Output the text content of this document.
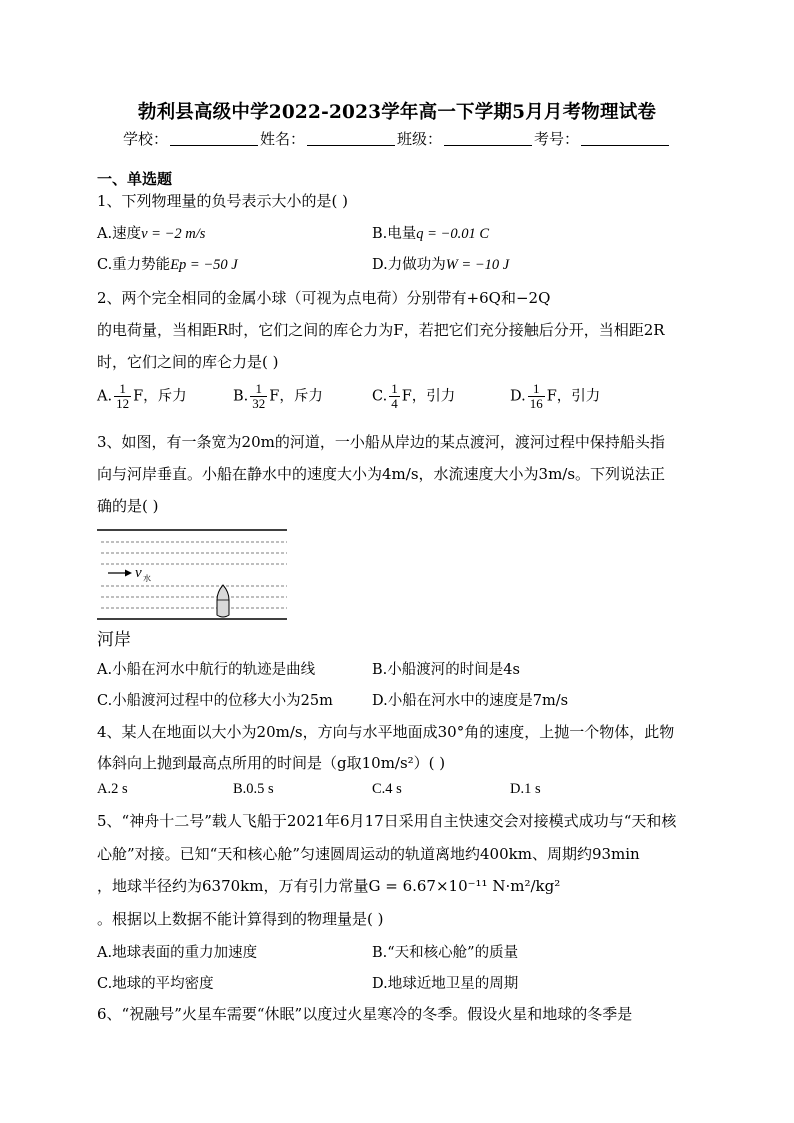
勃利县高级中学2022-2023学年高一下学期5月月考物理试卷
学校：	姓名：	班级：	考号：
一、单选题
1、下列物理量的负号表示大小的是( )
A.速度v = −2 m/s	B.电量q = −0.01 C
C.重力势能Ep = −50 J	D.力做功为W = −10 J
2、两个完全相同的金属小球（可视为点电荷）分别带有+6Q和−2Q
的电荷量，当相距R时，它们之间的库仑力为F，若把它们充分接触后分开，当相距2R
时，它们之间的库仑力是( )
A. $\frac{1}{12}$ F，斥力	B. $\frac{1}{32}$ F，斥力	C. $\frac{1}{4}$ F，引力	D. $\frac{1}{16}$ F，引力
3、如图，有一条宽为20m的河道，一小船从岸边的某点渡河，渡河过程中保持船头指
向与河岸垂直。小船在静水中的速度大小为4m/s，水流速度大小为3m/s。下列说法正
确的是( )
v 水
河岸
A.小船在河水中航行的轨迹是曲线	B.小船渡河的时间是4s
C.小船渡河过程中的位移大小为25m	D.小船在河水中的速度是7m/s
4、某人在地面以大小为20m/s，方向与水平地面成30°角的速度，上抛一个物体，此物
体斜向上抛到最高点所用的时间是（g取10m/s²）( )
A.2 s	B.0.5 s	C.4 s	D.1 s
5、“神舟十二号”载人飞船于2021年6月17日采用自主快速交会对接模式成功与“天和核
心舱”对接。已知“天和核心舱”匀速圆周运动的轨道离地约400km、周期约93min
，地球半径约为6370km，万有引力常量G = 6.67×10⁻¹¹ N·m²/kg²
。根据以上数据不能计算得到的物理量是( )
A.地球表面的重力加速度	B.“天和核心舱”的质量
C.地球的平均密度	D.地球近地卫星的周期
6、“祝融号”火星车需要“休眠”以度过火星寒冷的冬季。假设火星和地球的冬季是
